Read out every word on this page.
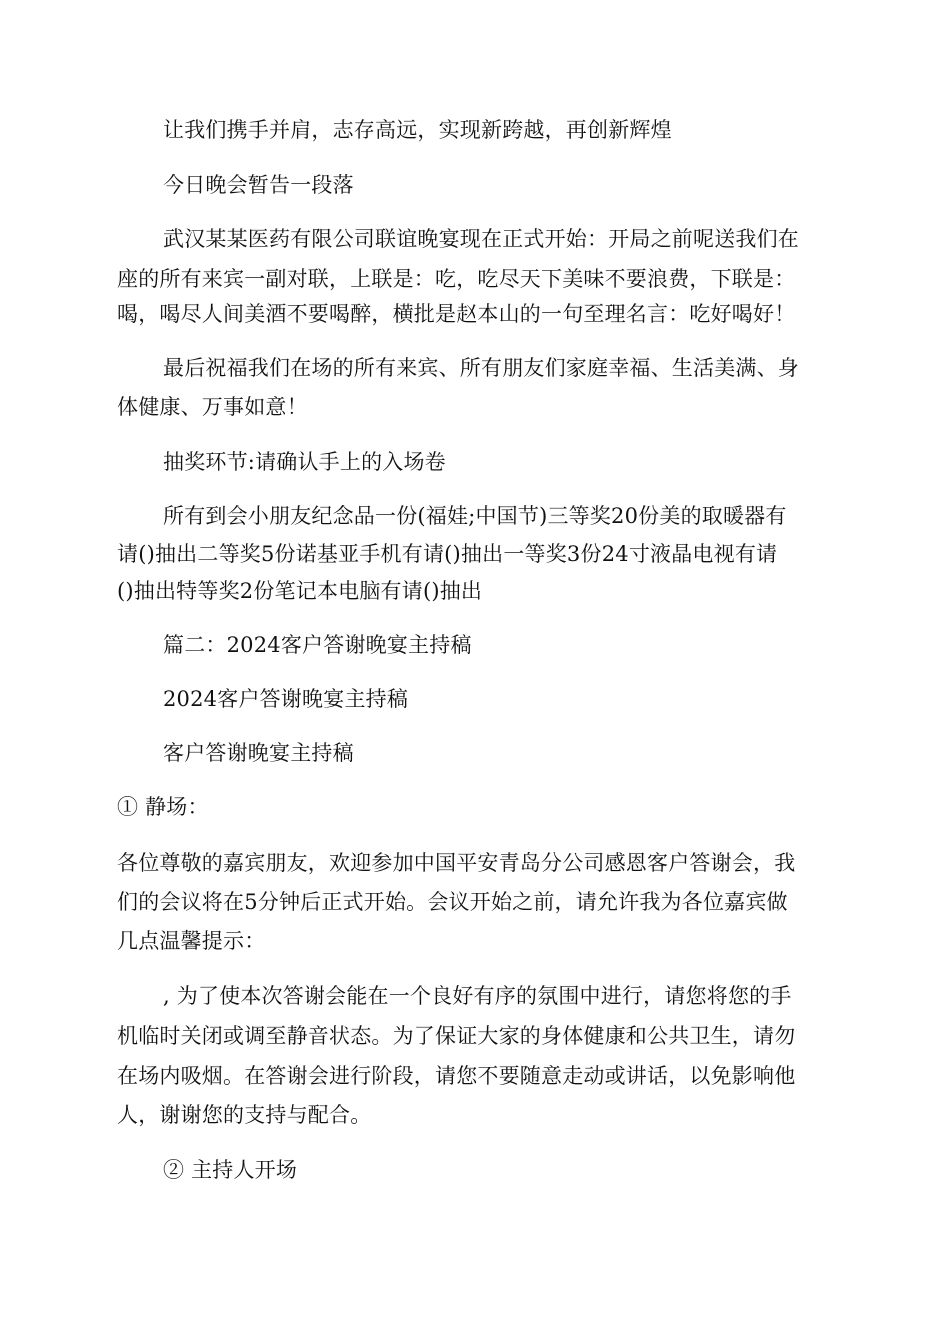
让我们携手并肩，志存高远，实现新跨越，再创新辉煌

今日晚会暂告一段落

武汉某某医药有限公司联谊晚宴现在正式开始：开局之前呢送我们在

座的所有来宾一副对联，上联是：吃，吃尽天下美味不要浪费，下联是：

喝，喝尽人间美酒不要喝醉，横批是赵本山的一句至理名言：吃好喝好！

最后祝福我们在场的所有来宾、所有朋友们家庭幸福、生活美满、身

体健康、万事如意！

抽奖环节:请确认手上的入场卷

所有到会小朋友纪念品一份(福娃;中国节)三等奖20份美的取暖器有

请()抽出二等奖5份诺基亚手机有请()抽出一等奖3份24寸液晶电视有请

()抽出特等奖2份笔记本电脑有请()抽出

篇二：2024客户答谢晚宴主持稿

2024客户答谢晚宴主持稿

客户答谢晚宴主持稿

① 静场：

各位尊敬的嘉宾朋友，欢迎参加中国平安青岛分公司感恩客户答谢会，我

们的会议将在5分钟后正式开始。会议开始之前，请允许我为各位嘉宾做

几点温馨提示：

, 为了使本次答谢会能在一个良好有序的氛围中进行，请您将您的手

机临时关闭或调至静音状态。为了保证大家的身体健康和公共卫生，请勿

在场内吸烟。在答谢会进行阶段，请您不要随意走动或讲话，以免影响他

人，谢谢您的支持与配合。

② 主持人开场
